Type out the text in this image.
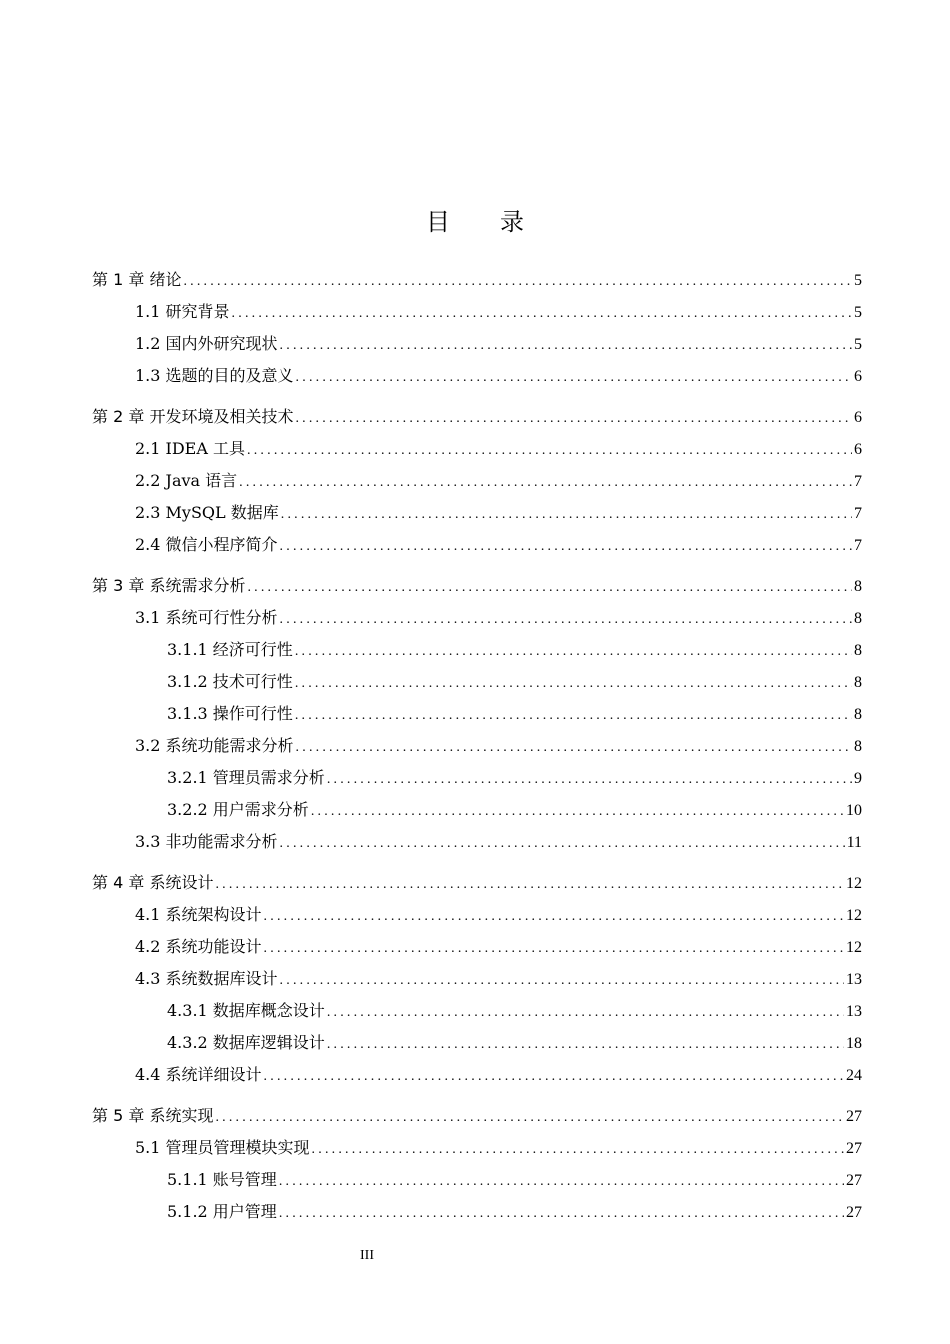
目 录
第 1 章 绪论 .....	5
1.1 研究背景 .....	5
1.2 国内外研究现状 .....	5
1.3 选题的目的及意义 .....	6
第 2 章 开发环境及相关技术 .....	6
2.1 IDEA 工具 .....	6
2.2 Java 语言 .....	7
2.3 MySQL 数据库 .....	7
2.4 微信小程序简介 .....	7
第 3 章 系统需求分析 .....	8
3.1 系统可行性分析 .....	8
3.1.1 经济可行性 .....	8
3.1.2 技术可行性 .....	8
3.1.3 操作可行性 .....	8
3.2 系统功能需求分析 .....	8
3.2.1 管理员需求分析 .....	9
3.2.2 用户需求分析 .....	10
3.3 非功能需求分析 .....	11
第 4 章 系统设计 .....	12
4.1 系统架构设计 .....	12
4.2 系统功能设计 .....	12
4.3 系统数据库设计 .....	13
4.3.1 数据库概念设计 .....	13
4.3.2 数据库逻辑设计 .....	18
4.4 系统详细设计 .....	24
第 5 章 系统实现 .....	27
5.1 管理员管理模块实现 .....	27
5.1.1 账号管理 .....	27
5.1.2 用户管理 .....	27
III
